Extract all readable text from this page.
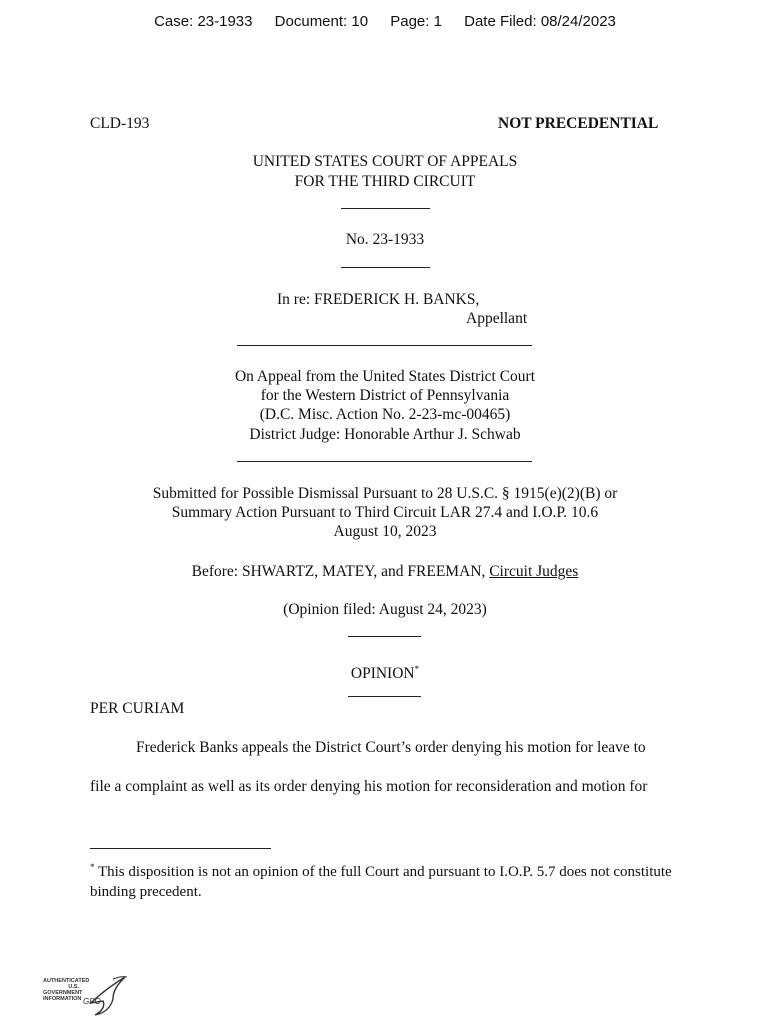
Case: 23-1933 Document: 10 Page: 1 Date Filed: 08/24/2023
CLD-193	NOT PRECEDENTIAL
UNITED STATES COURT OF APPEALS
FOR THE THIRD CIRCUIT
No. 23-1933
In re: FREDERICK H. BANKS,
Appellant
On Appeal from the United States District Court
for the Western District of Pennsylvania
(D.C. Misc. Action No. 2-23-mc-00465)
District Judge: Honorable Arthur J. Schwab
Submitted for Possible Dismissal Pursuant to 28 U.S.C. § 1915(e)(2)(B) or
Summary Action Pursuant to Third Circuit LAR 27.4 and I.O.P. 10.6
August 10, 2023
Before: SHWARTZ, MATEY, and FREEMAN, Circuit Judges
(Opinion filed: August 24, 2023)
OPINION*
PER CURIAM
Frederick Banks appeals the District Court’s order denying his motion for leave to
file a complaint as well as its order denying his motion for reconsideration and motion for
* This disposition is not an opinion of the full Court and pursuant to I.O.P. 5.7 does not constitute binding precedent.
AUTHENTICATED
U.S. GOVERNMENT
INFORMATION GPO
